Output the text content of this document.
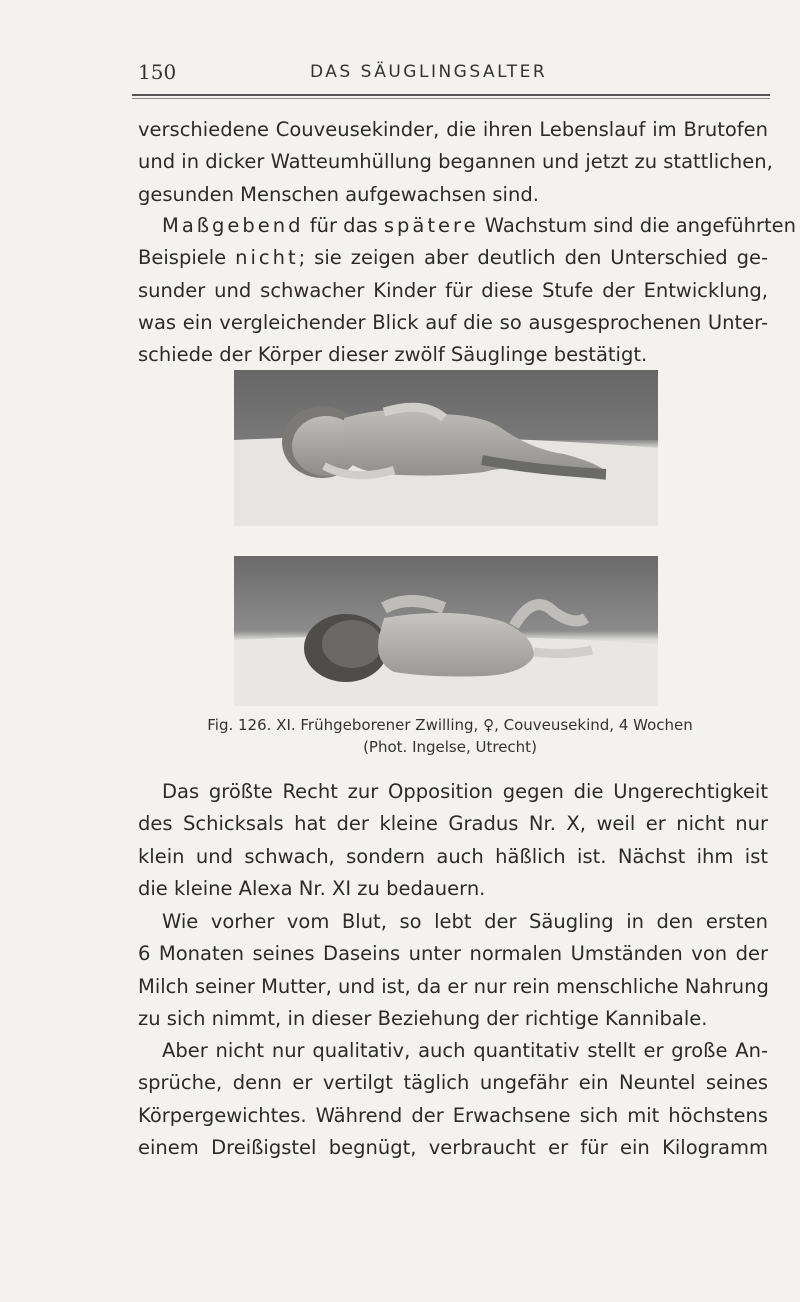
150	DAS SÄUGLINGSALTER
verschiedene Couveusekinder, die ihren Lebenslauf im Brutofen
und in dicker Watteumhüllung begannen und jetzt zu stattlichen,
gesunden Menschen aufgewachsen sind.
Maßgebend für das spätere Wachstum sind die angeführten
Beispiele nicht; sie zeigen aber deutlich den Unterschied ge-
sunder und schwacher Kinder für diese Stufe der Entwicklung,
was ein vergleichender Blick auf die so ausgesprochenen Unter-
schiede der Körper dieser zwölf Säuglinge bestätigt.
Fig. 126. XI. Frühgeborener Zwilling, ♀, Couveusekind, 4 Wochen
(Phot. Ingelse, Utrecht)
Das größte Recht zur Opposition gegen die Ungerechtigkeit
des Schicksals hat der kleine Gradus Nr. X, weil er nicht nur
klein und schwach, sondern auch häßlich ist. Nächst ihm ist
die kleine Alexa Nr. XI zu bedauern.
Wie vorher vom Blut, so lebt der Säugling in den ersten
6 Monaten seines Daseins unter normalen Umständen von der
Milch seiner Mutter, und ist, da er nur rein menschliche Nahrung
zu sich nimmt, in dieser Beziehung der richtige Kannibale.
Aber nicht nur qualitativ, auch quantitativ stellt er große An-
sprüche, denn er vertilgt täglich ungefähr ein Neuntel seines
Körpergewichtes. Während der Erwachsene sich mit höchstens
einem Dreißigstel begnügt, verbraucht er für ein Kilogramm
